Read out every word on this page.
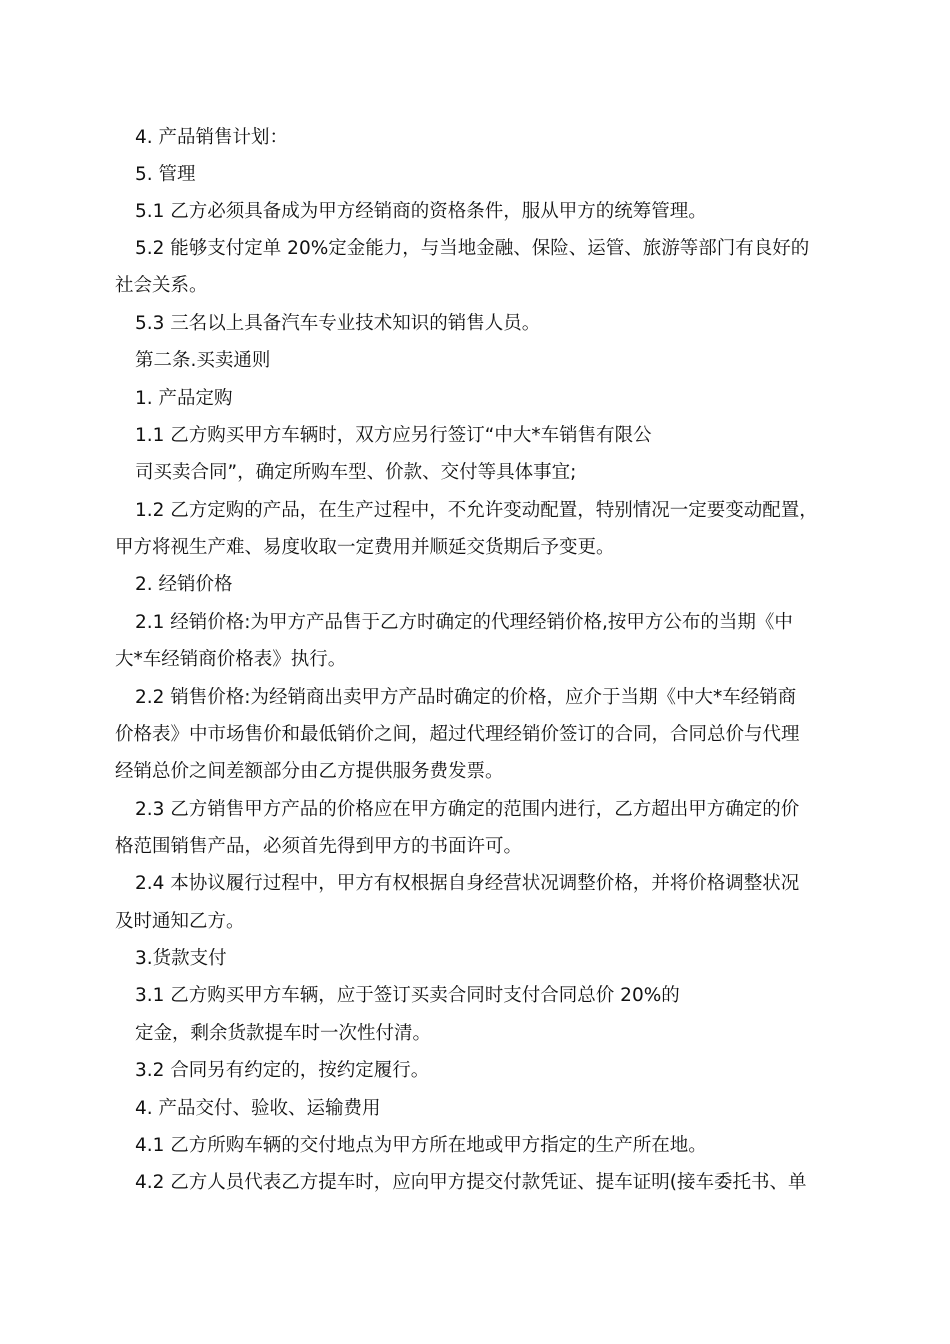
4. 产品销售计划：
5. 管理
5.1 乙方必须具备成为甲方经销商的资格条件，服从甲方的统筹管理。
5.2 能够支付定单 20%定金能力，与当地金融、保险、运管、旅游等部门有良好的
社会关系。
5.3 三名以上具备汽车专业技术知识的销售人员。
第二条.买卖通则
1. 产品定购
1.1 乙方购买甲方车辆时，双方应另行签订“中大*车销售有限公
司买卖合同”，确定所购车型、价款、交付等具体事宜;
1.2 乙方定购的产品，在生产过程中，不允许变动配置，特别情况一定要变动配置，
甲方将视生产难、易度收取一定费用并顺延交货期后予变更。
2. 经销价格
2.1 经销价格:为甲方产品售于乙方时确定的代理经销价格,按甲方公布的当期《中
大*车经销商价格表》执行。
2.2 销售价格:为经销商出卖甲方产品时确定的价格，应介于当期《中大*车经销商
价格表》中市场售价和最低销价之间，超过代理经销价签订的合同，合同总价与代理
经销总价之间差额部分由乙方提供服务费发票。
2.3 乙方销售甲方产品的价格应在甲方确定的范围内进行，乙方超出甲方确定的价
格范围销售产品，必须首先得到甲方的书面许可。
2.4 本协议履行过程中，甲方有权根据自身经营状况调整价格，并将价格调整状况
及时通知乙方。
3.货款支付
3.1 乙方购买甲方车辆，应于签订买卖合同时支付合同总价 20%的
定金，剩余货款提车时一次性付清。
3.2 合同另有约定的，按约定履行。
4. 产品交付、验收、运输费用
4.1 乙方所购车辆的交付地点为甲方所在地或甲方指定的生产所在地。
4.2 乙方人员代表乙方提车时，应向甲方提交付款凭证、提车证明(接车委托书、单
